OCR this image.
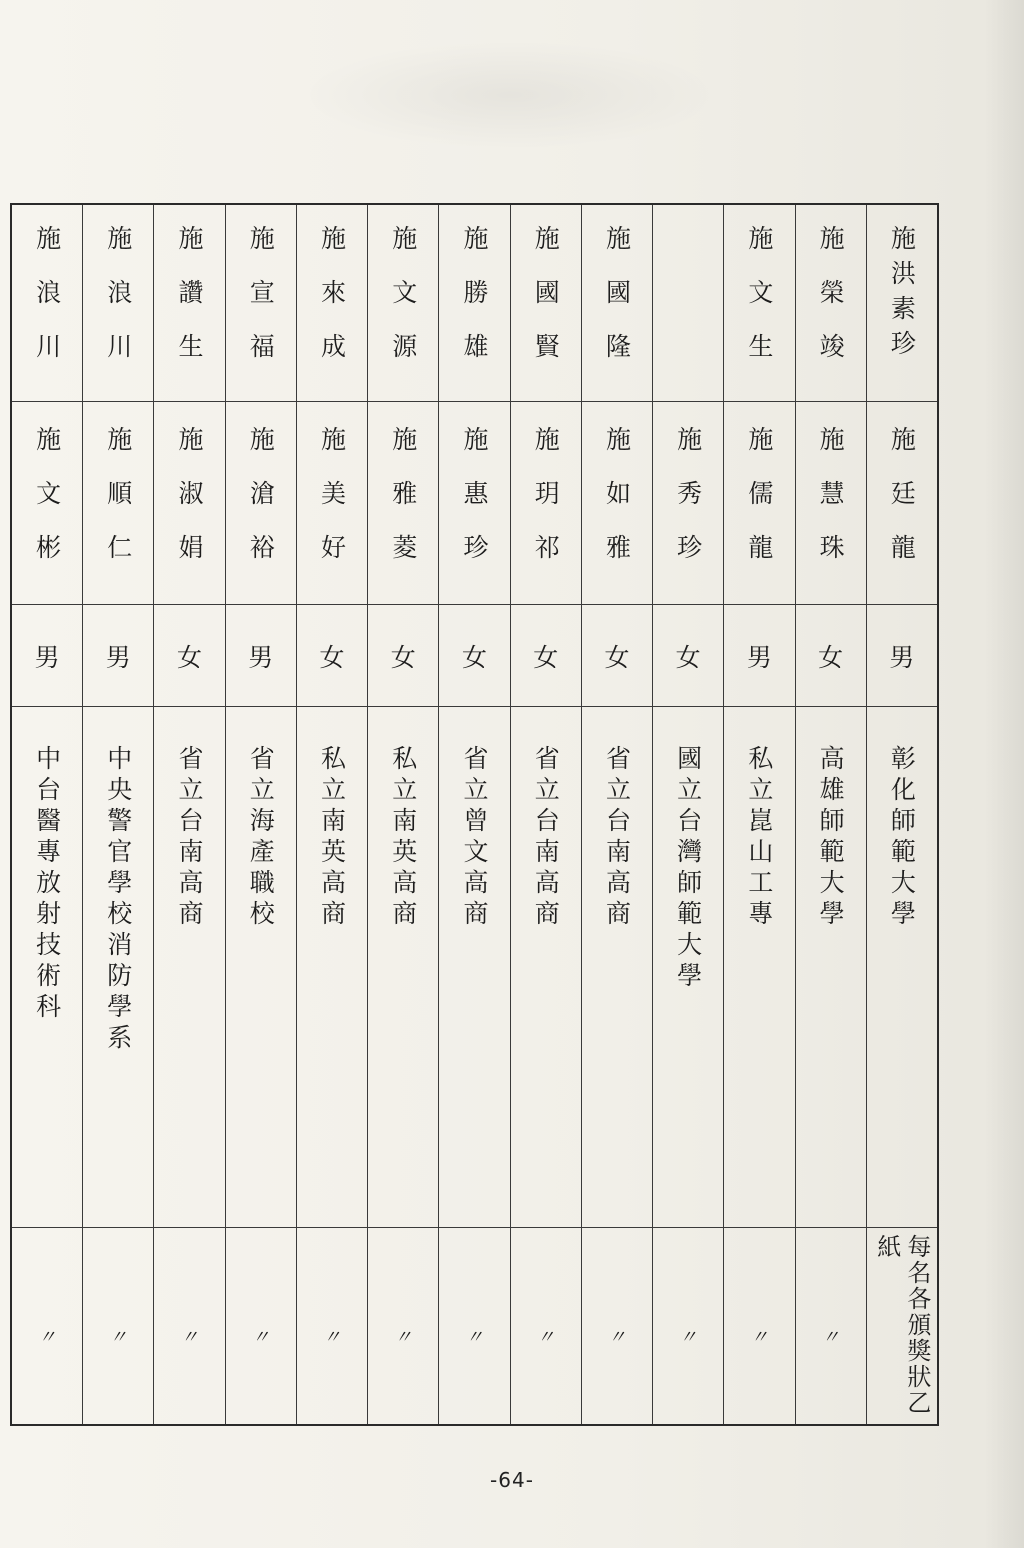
施洪素珍
施廷龍
男
彰化師範大學
每名各頒獎狀乙紙
施榮竣
施慧珠
女
高雄師範大學
〃
施文生
施儒龍
男
私立崑山工專
〃
施秀珍
女
國立台灣師範大學
〃
施國隆
施如雅
女
省立台南高商
〃
施國賢
施玥祁
女
省立台南高商
〃
施勝雄
施惠珍
女
省立曾文高商
〃
施文源
施雅菱
女
私立南英高商
〃
施來成
施美好
女
私立南英高商
〃
施宣福
施滄裕
男
省立海產職校
〃
施讚生
施淑娟
女
省立台南高商
〃
施浪川
施順仁
男
中央警官學校消防學系
〃
施浪川
施文彬
男
中台醫專放射技術科
〃
-64-
